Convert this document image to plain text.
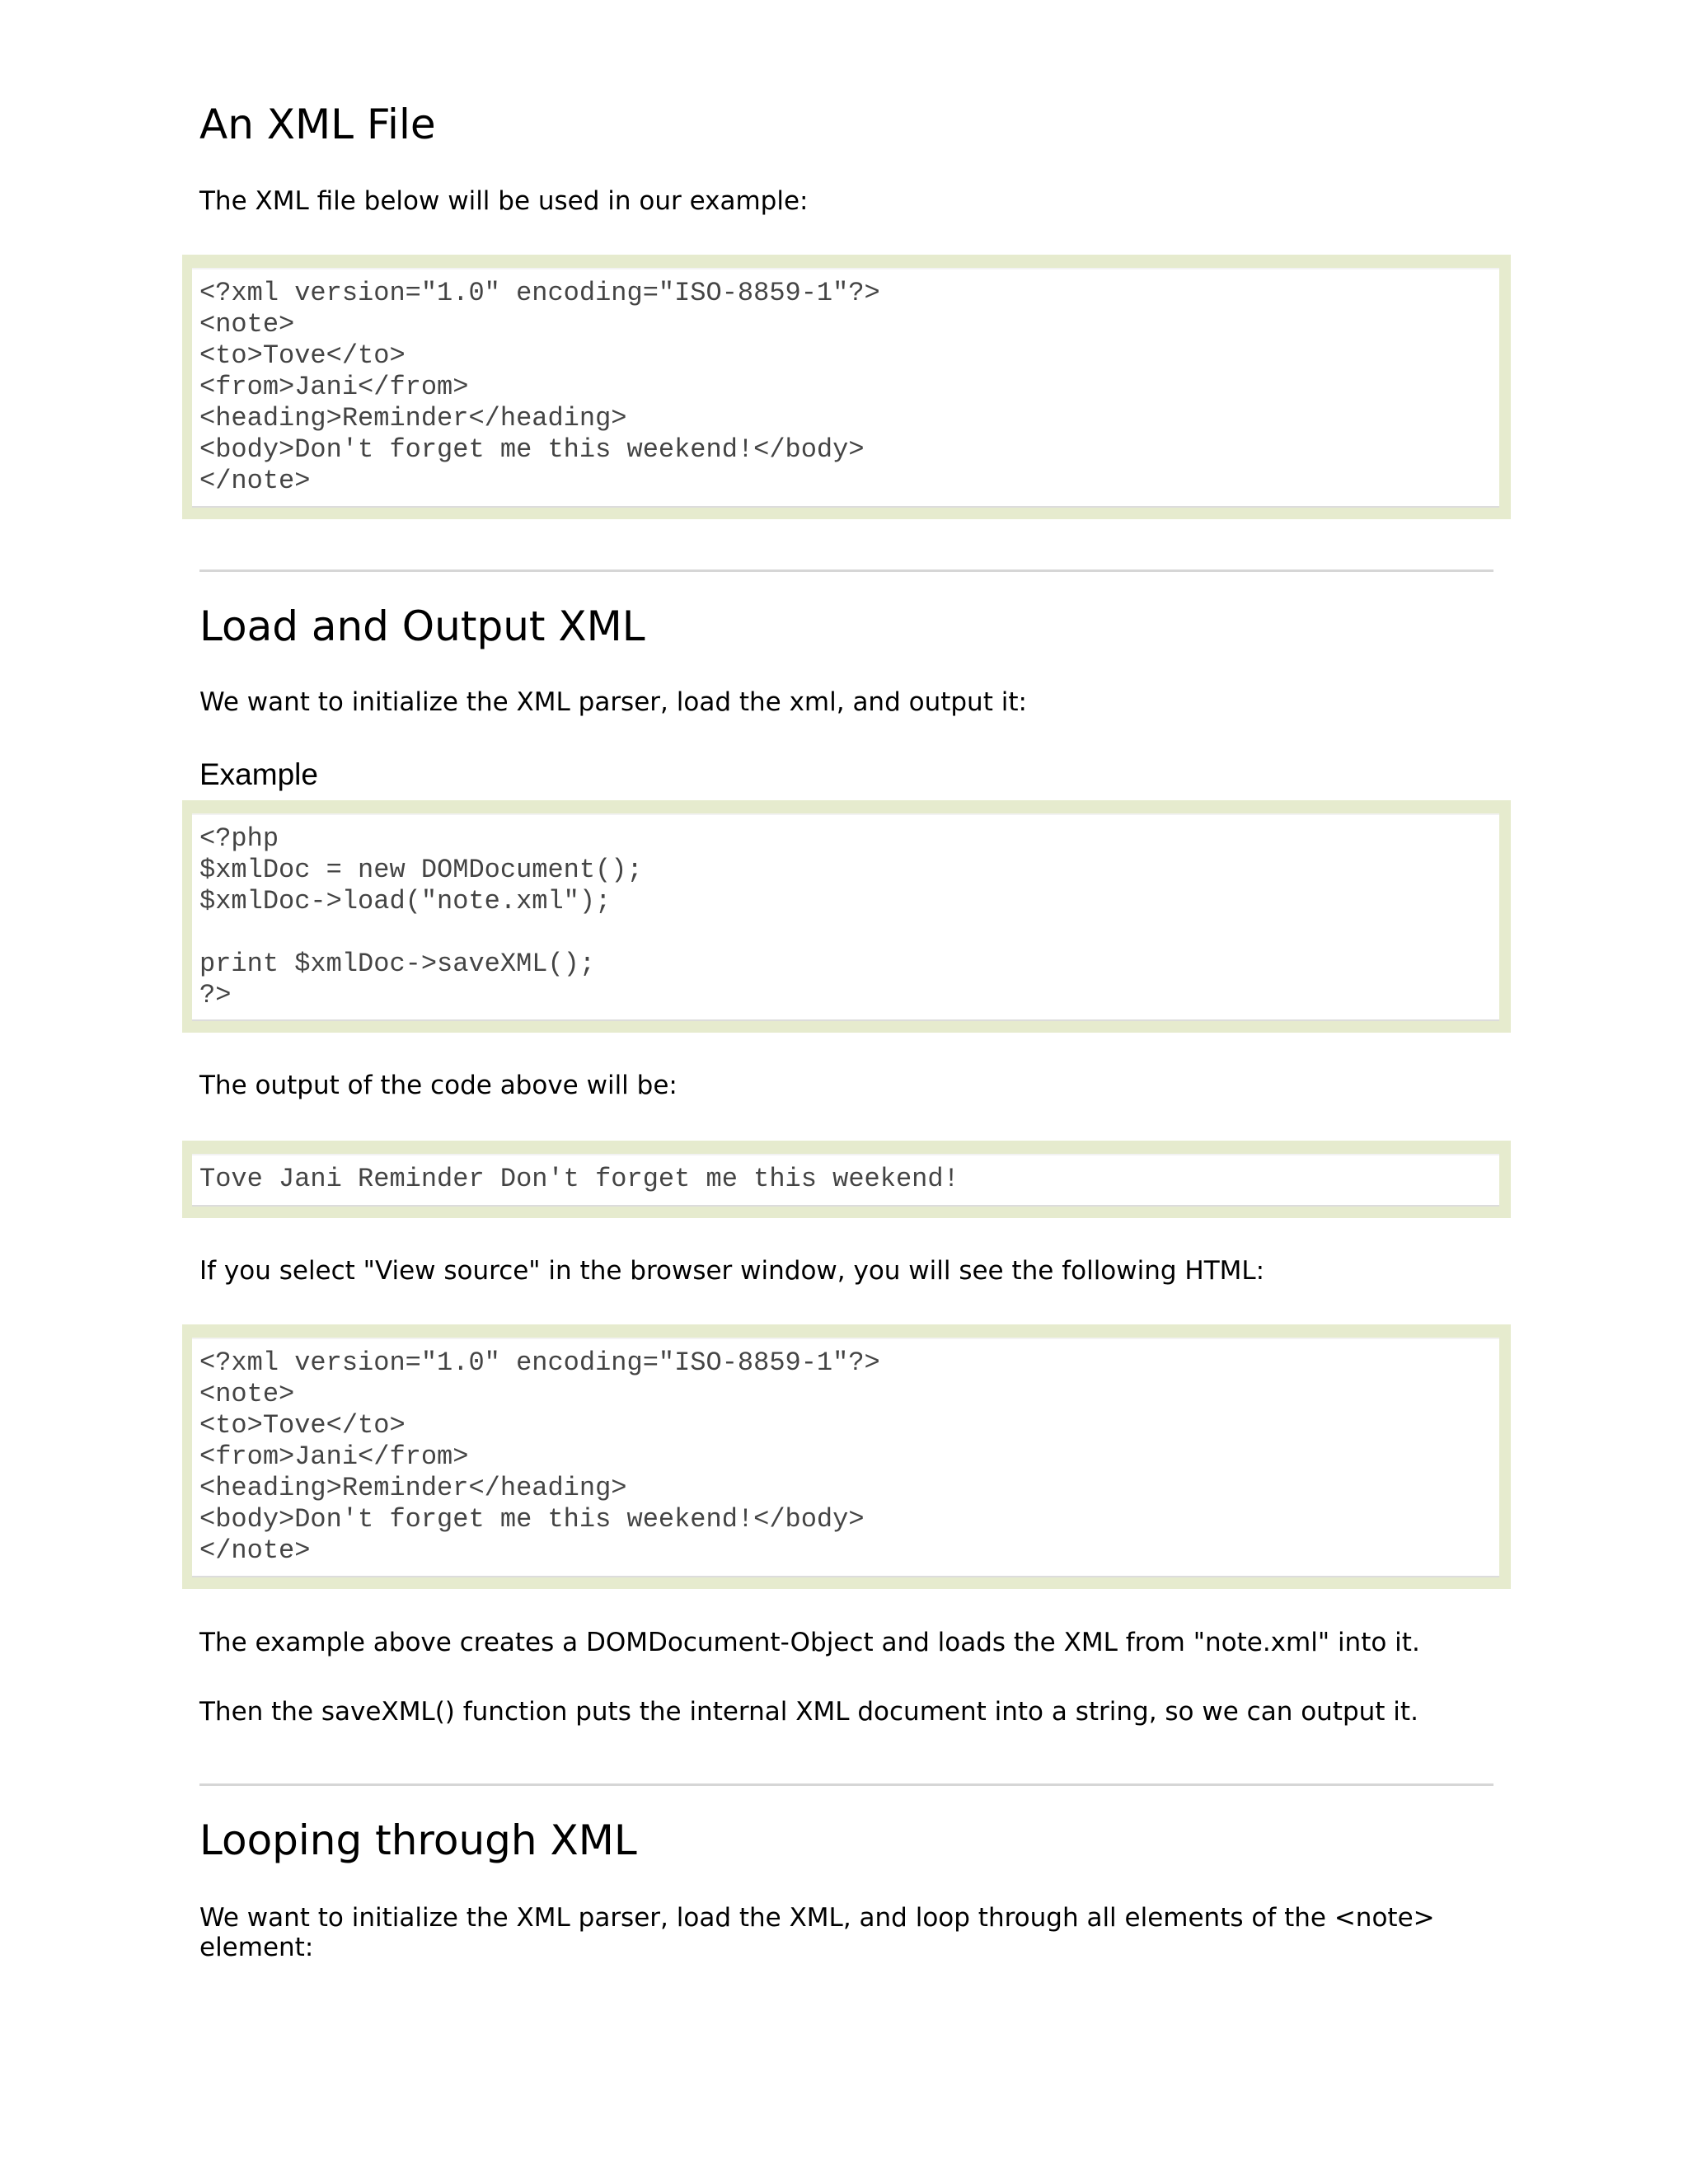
An XML File

The XML file below will be used in our example:

<?xml version="1.0" encoding="ISO-8859-1"?>
<note>
<to>Tove</to>
<from>Jani</from>
<heading>Reminder</heading>
<body>Don't forget me this weekend!</body>
</note>
Load and Output XML

We want to initialize the XML parser, load the xml, and output it:

Example
<?php
$xmlDoc = new DOMDocument();
$xmlDoc->load("note.xml");
print $xmlDoc->saveXML();
?>

The output of the code above will be:

Tove Jani Reminder Don't forget me this weekend!

If you select "View source" in the browser window, you will see the following HTML:

<?xml version="1.0" encoding="ISO-8859-1"?>
<note>
<to>Tove</to>
<from>Jani</from>
<heading>Reminder</heading>
<body>Don't forget me this weekend!</body>
</note>

The example above creates a DOMDocument-Object and loads the XML from "note.xml" into it.

Then the saveXML() function puts the internal XML document into a string, so we can output it.

Looping through XML

We want to initialize the XML parser, load the XML, and loop through all elements of the <note> element:
